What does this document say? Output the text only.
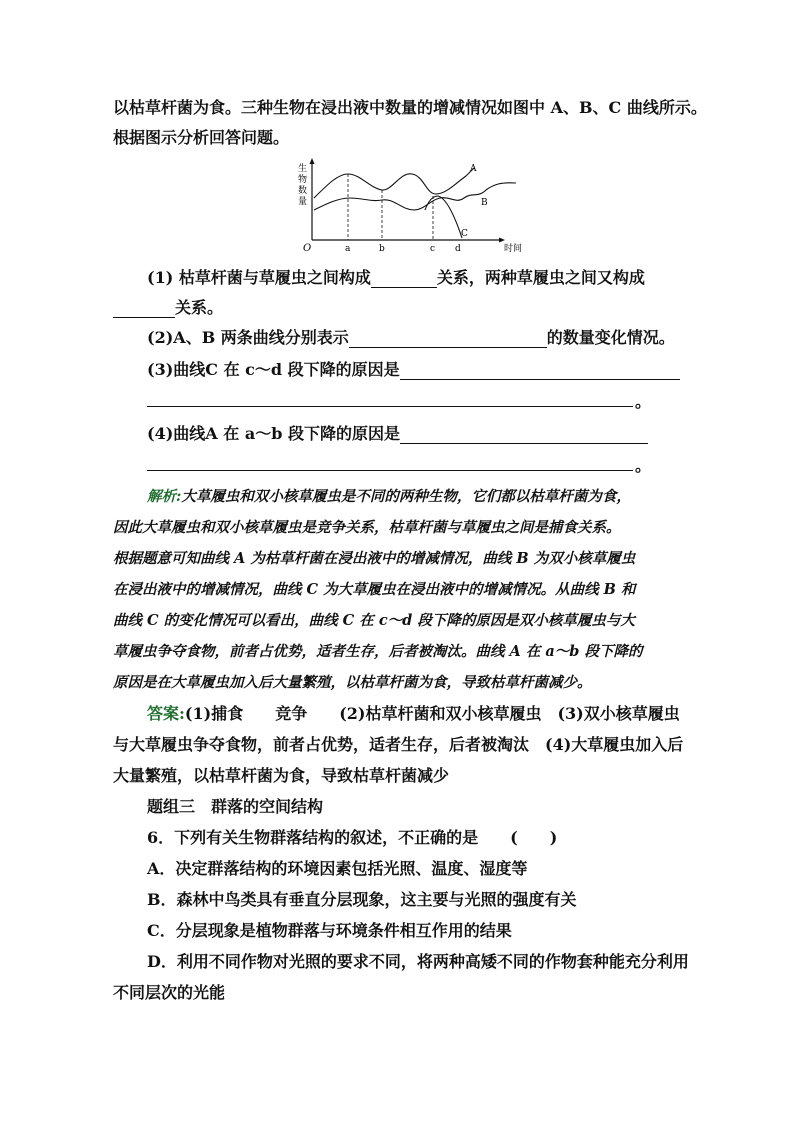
以枯草杆菌为食。三种生物在浸出液中数量的增减情况如图中 A、B、C 曲线所示。
根据图示分析回答问题。
生
物
数
量
O	时间
a	b	c d
A
B
C
(1) 枯草杆菌与草履虫之间构成	关系，两种草履虫之间又构成
关系。
(2)A、B 两条曲线分别表示	的数量变化情况。
(3)曲线C 在 c～d 段下降的原因是
。
(4)曲线A 在 a～b 段下降的原因是
。
解析:大草履虫和双小核草履虫是不同的两种生物，它们都以枯草杆菌为食，
因此大草履虫和双小核草履虫是竞争关系，枯草杆菌与草履虫之间是捕食关系。
根据题意可知曲线 A 为枯草杆菌在浸出液中的增减情况，曲线 B 为双小核草履虫
在浸出液中的增减情况，曲线 C 为大草履虫在浸出液中的增减情况。从曲线 B 和
曲线 C 的变化情况可以看出，曲线 C 在 c～d 段下降的原因是双小核草履虫与大
草履虫争夺食物，前者占优势，适者生存，后者被淘汰。曲线 A 在 a～b 段下降的
原因是在大草履虫加入后大量繁殖，以枯草杆菌为食，导致枯草杆菌减少。
答案:(1)捕食　　竞争　　(2)枯草杆菌和双小核草履虫　(3)双小核草履虫
与大草履虫争夺食物，前者占优势，适者生存，后者被淘汰　(4)大草履虫加入后
大量繁殖，以枯草杆菌为食，导致枯草杆菌减少
题组三　群落的空间结构
6．下列有关生物群落结构的叙述，不正确的是　　(　　)
A．决定群落结构的环境因素包括光照、温度、湿度等
B．森林中鸟类具有垂直分层现象，这主要与光照的强度有关
C．分层现象是植物群落与环境条件相互作用的结果
D．利用不同作物对光照的要求不同，将两种高矮不同的作物套种能充分利用
不同层次的光能
